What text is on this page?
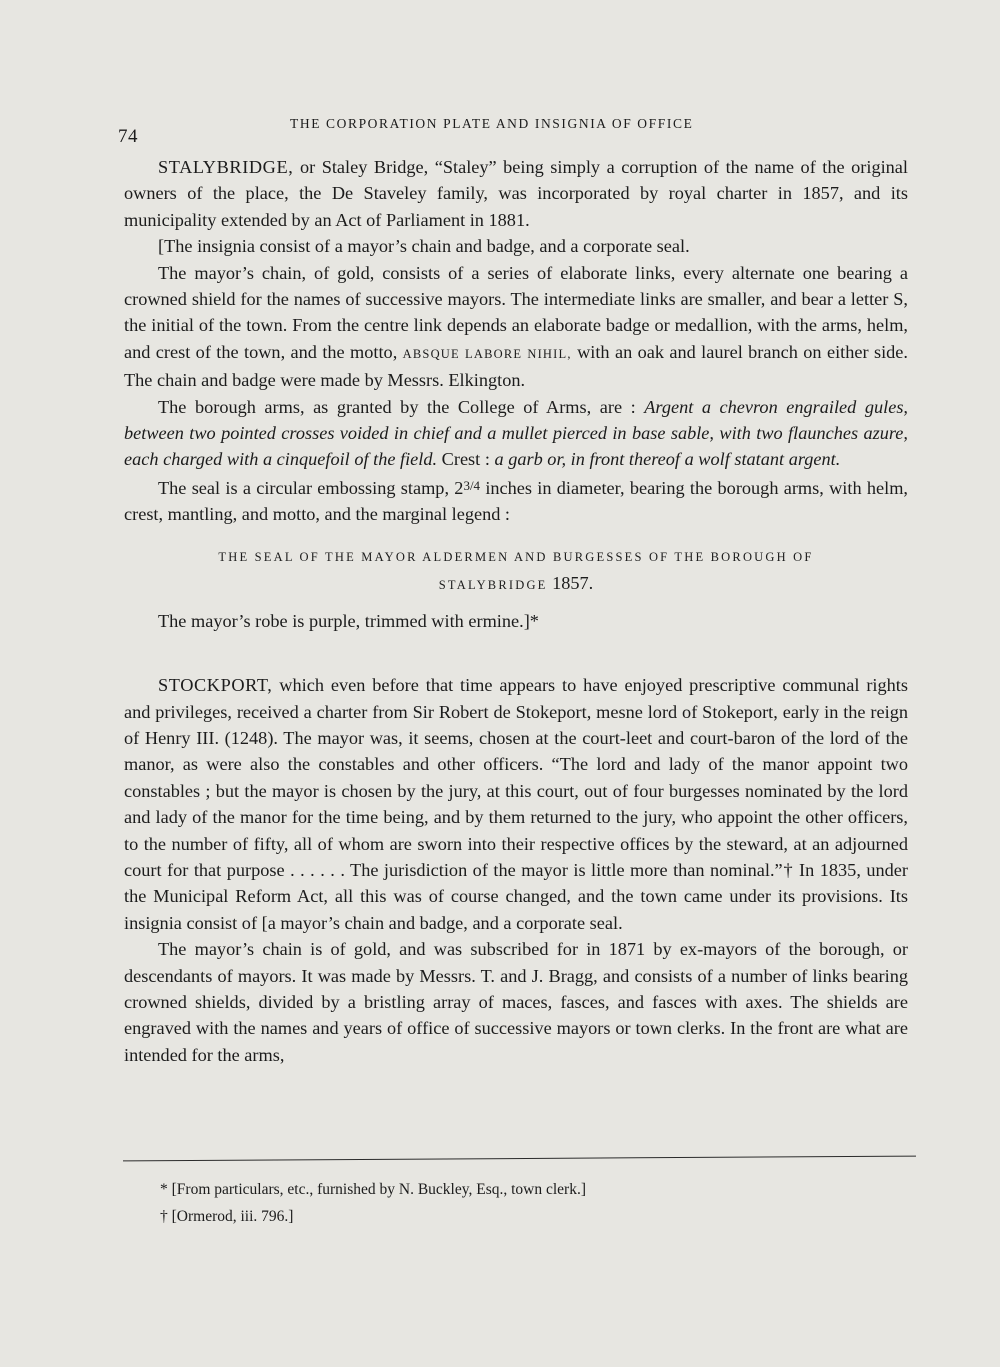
74
THE CORPORATION PLATE AND INSIGNIA OF OFFICE

STALYBRIDGE, or Staley Bridge, “Staley” being simply a corruption of the name of the original owners of the place, the De Staveley family, was incorporated by royal charter in 1857, and its municipality extended by an Act of Parliament in 1881.

[The insignia consist of a mayor’s chain and badge, and a corporate seal.

The mayor’s chain, of gold, consists of a series of elaborate links, every alternate one bearing a crowned shield for the names of successive mayors. The intermediate links are smaller, and bear a letter S, the initial of the town. From the centre link depends an elaborate badge or medallion, with the arms, helm, and crest of the town, and the motto, ABSQUE LABORE NIHIL, with an oak and laurel branch on either side. The chain and badge were made by Messrs. Elkington.

The borough arms, as granted by the College of Arms, are : Argent a chevron engrailed gules, between two pointed crosses voided in chief and a mullet pierced in base sable, with two flaunches azure, each charged with a cinquefoil of the field. Crest : a garb or, in front thereof a wolf statant argent.

The seal is a circular embossing stamp, $2^{3/4}$ inches in diameter, bearing the borough arms, with helm, crest, mantling, and motto, and the marginal legend :

THE SEAL OF THE MAYOR ALDERMEN AND BURGESSES OF THE BOROUGH OF
STALYBRIDGE 1857.

The mayor’s robe is purple, trimmed with ermine.]*

STOCKPORT, which even before that time appears to have enjoyed prescriptive communal rights and privileges, received a charter from Sir Robert de Stokeport, mesne lord of Stokeport, early in the reign of Henry III. (1248). The mayor was, it seems, chosen at the court-leet and court-baron of the lord of the manor, as were also the constables and other officers. “The lord and lady of the manor appoint two constables ; but the mayor is chosen by the jury, at this court, out of four burgesses nominated by the lord and lady of the manor for the time being, and by them returned to the jury, who appoint the other officers, to the number of fifty, all of whom are sworn into their respective offices by the steward, at an adjourned court for that purpose . . . . . . The jurisdiction of the mayor is little more than nominal.”† In 1835, under the Municipal Reform Act, all this was of course changed, and the town came under its provisions. Its insignia consist of [a mayor’s chain and badge, and a corporate seal.

The mayor’s chain is of gold, and was subscribed for in 1871 by ex-mayors of the borough, or descendants of mayors. It was made by Messrs. T. and J. Bragg, and consists of a number of links bearing crowned shields, divided by a bristling array of maces, fasces, and fasces with axes. The shields are engraved with the names and years of office of successive mayors or town clerks. In the front are what are intended for the arms,

* [From particulars, etc., furnished by N. Buckley, Esq., town clerk.]
† [Ormerod, iii. 796.]
